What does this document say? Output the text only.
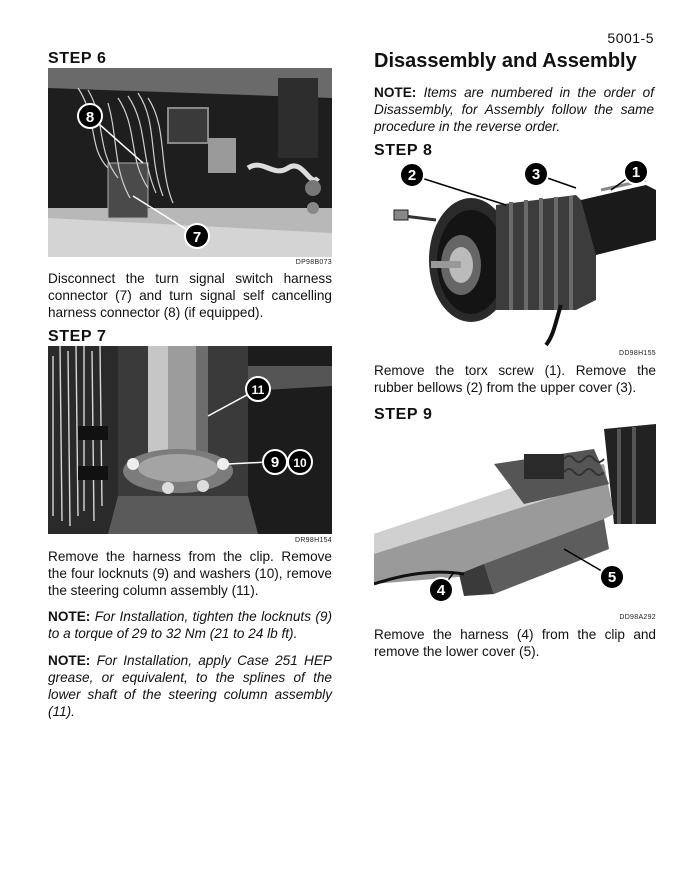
5001-5
STEP 6
8
7
DP98B073
Disconnect the turn signal switch harness connector (7) and turn signal self cancelling harness connector (8) (if equipped).
STEP 7
11
9 10
DR98H154
Remove the harness from the clip. Remove the four locknuts (9) and washers (10), remove the steering column assembly (11).
NOTE: For Installation, tighten the locknuts (9) to a torque of 29 to 32 Nm (21 to 24 lb ft).
NOTE: For Installation, apply Case 251 HEP grease, or equivalent, to the splines of the lower shaft of the steering column assembly (11).
Disassembly and Assembly
NOTE: Items are numbered in the order of Disassembly, for Assembly follow the same procedure in the reverse order.
STEP 8
2	3	1
DD98H155
Remove the torx screw (1). Remove the rubber bellows (2) from the upper cover (3).
STEP 9
5
4
DD98A292
Remove the harness (4) from the clip and remove the lower cover (5).
